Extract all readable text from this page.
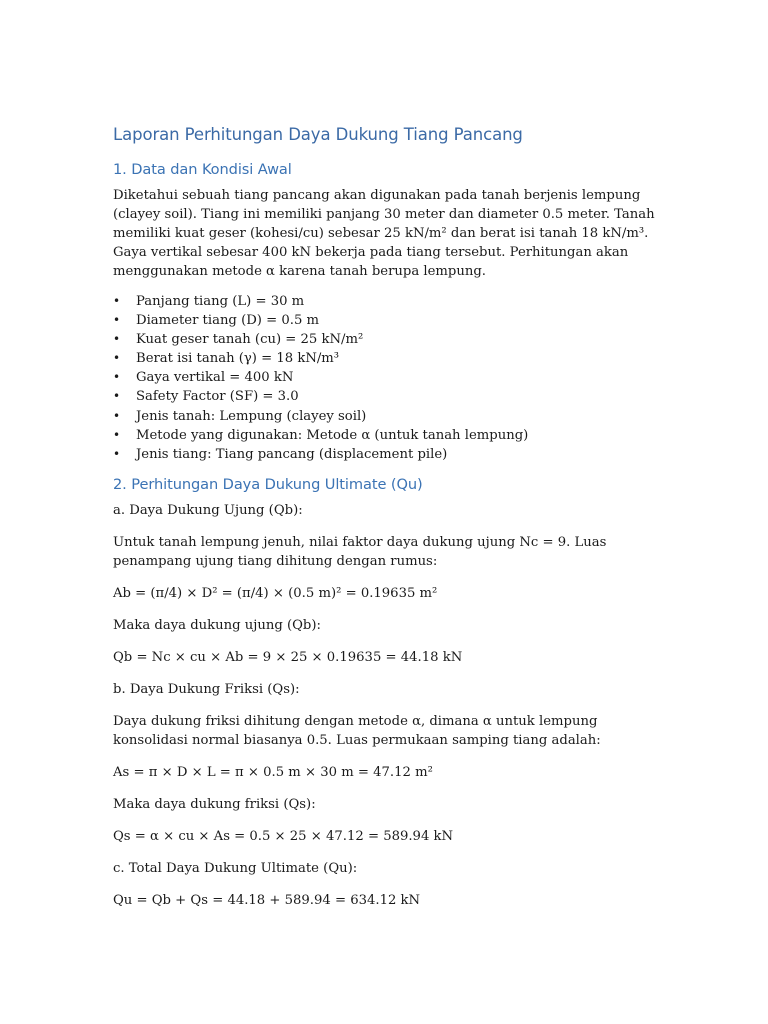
Laporan Perhitungan Daya Dukung Tiang Pancang
1. Data dan Kondisi Awal

Diketahui sebuah tiang pancang akan digunakan pada tanah berjenis lempung (clayey soil). Tiang ini memiliki panjang 30 meter dan diameter 0.5 meter. Tanah memiliki kuat geser (kohesi/cu) sebesar 25 kN/m² dan berat isi tanah 18 kN/m³. Gaya vertikal sebesar 400 kN bekerja pada tiang tersebut. Perhitungan akan menggunakan metode α karena tanah berupa lempung.

• Panjang tiang (L) = 30 m
• Diameter tiang (D) = 0.5 m
• Kuat geser tanah (cu) = 25 kN/m²
• Berat isi tanah (γ) = 18 kN/m³
• Gaya vertikal = 400 kN
• Safety Factor (SF) = 3.0
• Jenis tanah: Lempung (clayey soil)
• Metode yang digunakan: Metode α (untuk tanah lempung)
• Jenis tiang: Tiang pancang (displacement pile)
2. Perhitungan Daya Dukung Ultimate (Qu)

a. Daya Dukung Ujung (Qb):

Untuk tanah lempung jenuh, nilai faktor daya dukung ujung Nc = 9. Luas penampang ujung tiang dihitung dengan rumus:

Ab = (π/4) × D² = (π/4) × (0.5 m)² = 0.19635 m²

Maka daya dukung ujung (Qb):

Qb = Nc × cu × Ab = 9 × 25 × 0.19635 = 44.18 kN

b. Daya Dukung Friksi (Qs):

Daya dukung friksi dihitung dengan metode α, dimana α untuk lempung konsolidasi normal biasanya 0.5. Luas permukaan samping tiang adalah:

As = π × D × L = π × 0.5 m × 30 m = 47.12 m²

Maka daya dukung friksi (Qs):

Qs = α × cu × As = 0.5 × 25 × 47.12 = 589.94 kN

c. Total Daya Dukung Ultimate (Qu):

Qu = Qb + Qs = 44.18 + 589.94 = 634.12 kN
